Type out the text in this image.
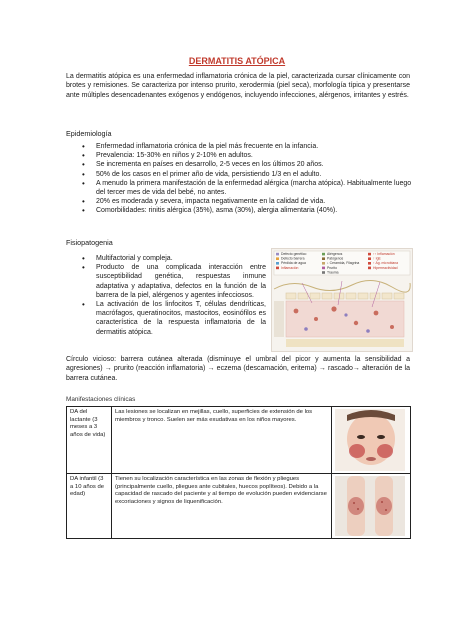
DERMATITIS ATÓPICA
La dermatitis atópica es una enfermedad inflamatoria crónica de la piel, caracterizada cursar clínicamente con brotes y remisiones. Se caracteriza por intenso prurito, xerodermia (piel seca), morfología típica y presentarse ante múltiples desencadenantes exógenos y endógenos, incluyendo infecciones, alérgenos, irritantes y estrés.
Epidemiología
• Enfermedad inflamatoria crónica de la piel más frecuente en la infancia.
• Prevalencia: 15-30% en niños y 2-10% en adultos.
• Se incrementa en países en desarrollo, 2-5 veces en los últimos 20 años.
• 50% de los casos en el primer año de vida, persistiendo 1/3 en el adulto.
• A menudo la primera manifestación de la enfermedad alérgica (marcha atópica). Habitualmente luego del tercer mes de vida del bebé, no antes.
• 20% es moderada y severa, impacta negativamente en la calidad de vida.
• Comorbilidades: rinitis alérgica (35%), asma (30%), alergia alimentaria (40%).
Fisiopatogenia
• Multifactorial y compleja.
• Producto de una complicada interacción entre susceptibilidad genética, respuestas inmune adaptativa y adaptativa, defectos en la función de la barrera de la piel, alérgenos y agentes infecciosos.
• La activación de los linfocitos T, células dendríticas, macrófagos, queratinocitos, mastocitos, eosinófilos es característica de la respuesta inflamatoria de la dermatitis atópica.
Defecto genético
Defecto barrera
Pérdida de agua
Inflamación
Alérgenos
Patógenos
↓ Ceramida, Filagrina
Prurito
Trauma
↑↑ Inflamación
↑ IgE
↑ Ag. microbiana
Hiperreactividad
Círculo vicioso: barrera cutánea alterada (disminuye el umbral del picor y aumenta la sensibilidad a agresiones) → prurito (reacción inflamatoria) → eczema (descamación, eritema) → rascado→ alteración de la barrera cutánea.
Manifestaciones clínicas
DA del lactante (3 meses a 3 años de vida)	Las lesiones se localizan en mejillas, cuello, superficies de extensión de los miembros y tronco. Suelen ser más exudativas en los niños mayores.	

DA infantil (3 a 10 años de edad)	Tienen su localización característica en las zonas de flexión y pliegues (principalmente cuello, pliegues ante cubitales, huecos poplíteos). Debido a la capacidad de rascado del paciente y al tiempo de evolución pueden evidenciarse excoriaciones y signos de liquenificación.	
